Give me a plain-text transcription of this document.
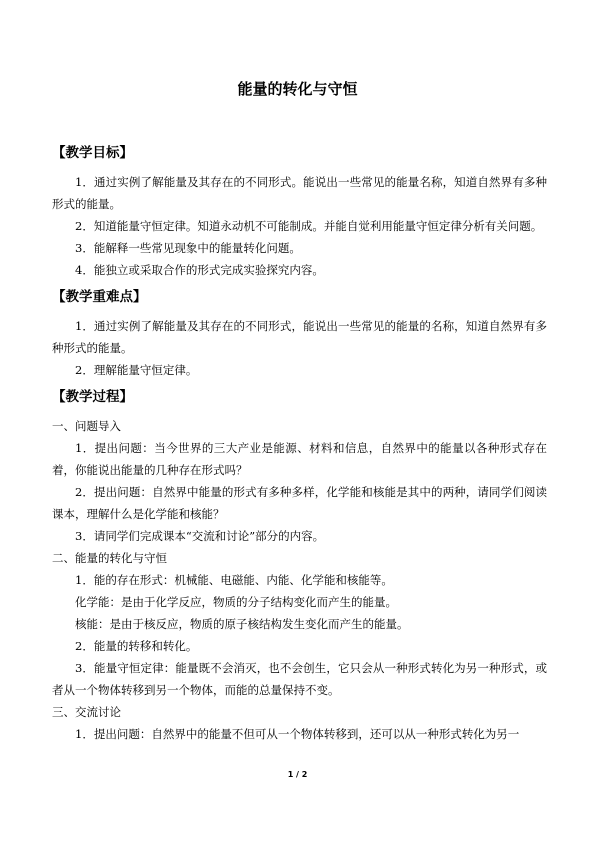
能量的转化与守恒
【教学目标】
1．通过实例了解能量及其存在的不同形式。能说出一些常见的能量名称，知道自然界有多种形式的能量。
2．知道能量守恒定律。知道永动机不可能制成。并能自觉利用能量守恒定律分析有关问题。
3．能解释一些常见现象中的能量转化问题。
4．能独立或采取合作的形式完成实验探究内容。
【教学重难点】
1．通过实例了解能量及其存在的不同形式，能说出一些常见的能量的名称，知道自然界有多种形式的能量。
2．理解能量守恒定律。
【教学过程】
一、问题导入
1．提出问题：当今世界的三大产业是能源、材料和信息，自然界中的能量以各种形式存在着，你能说出能量的几种存在形式吗？
2．提出问题：自然界中能量的形式有多种多样，化学能和核能是其中的两种，请同学们阅读课本，理解什么是化学能和核能？
3．请同学们完成课本“交流和讨论”部分的内容。
二、能量的转化与守恒
1．能的存在形式：机械能、电磁能、内能、化学能和核能等。
化学能：是由于化学反应，物质的分子结构变化而产生的能量。
核能：是由于核反应，物质的原子核结构发生变化而产生的能量。
2．能量的转移和转化。
3．能量守恒定律：能量既不会消灭，也不会创生，它只会从一种形式转化为另一种形式，或者从一个物体转移到另一个物体，而能的总量保持不变。
三、交流讨论
1．提出问题：自然界中的能量不但可从一个物体转移到，还可以从一种形式转化为另一
1 / 2
